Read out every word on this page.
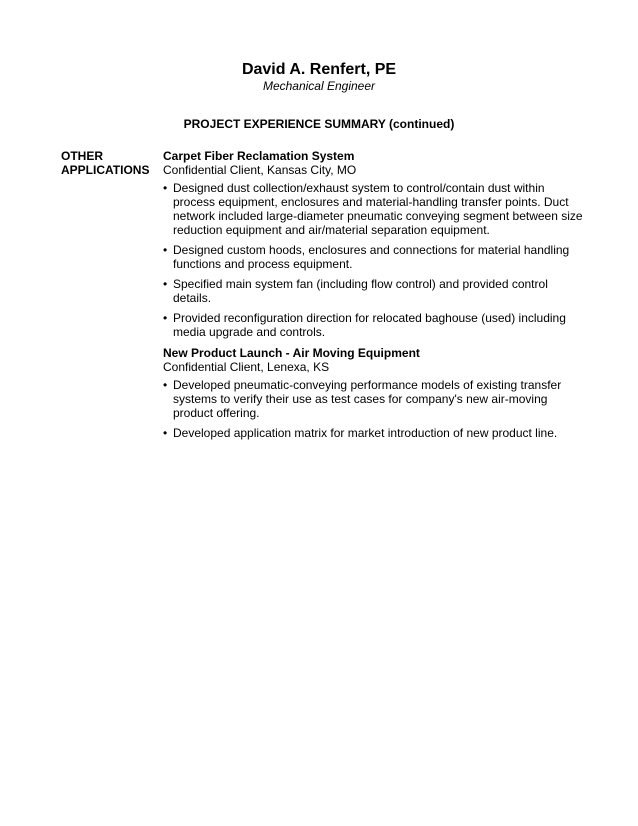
David A. Renfert, PE
Mechanical Engineer
PROJECT EXPERIENCE SUMMARY (continued)
OTHER
APPLICATIONS
Carpet Fiber Reclamation System
Confidential Client, Kansas City, MO
• Designed dust collection/exhaust system to control/contain dust within process equipment, enclosures and material-handling transfer points. Duct network included large-diameter pneumatic conveying segment between size reduction equipment and air/material separation equipment.
• Designed custom hoods, enclosures and connections for material handling functions and process equipment.
• Specified main system fan (including flow control) and provided control details.
• Provided reconfiguration direction for relocated baghouse (used) including media upgrade and controls.
New Product Launch - Air Moving Equipment
Confidential Client, Lenexa, KS
• Developed pneumatic-conveying performance models of existing transfer systems to verify their use as test cases for company's new air-moving product offering.
• Developed application matrix for market introduction of new product line.
